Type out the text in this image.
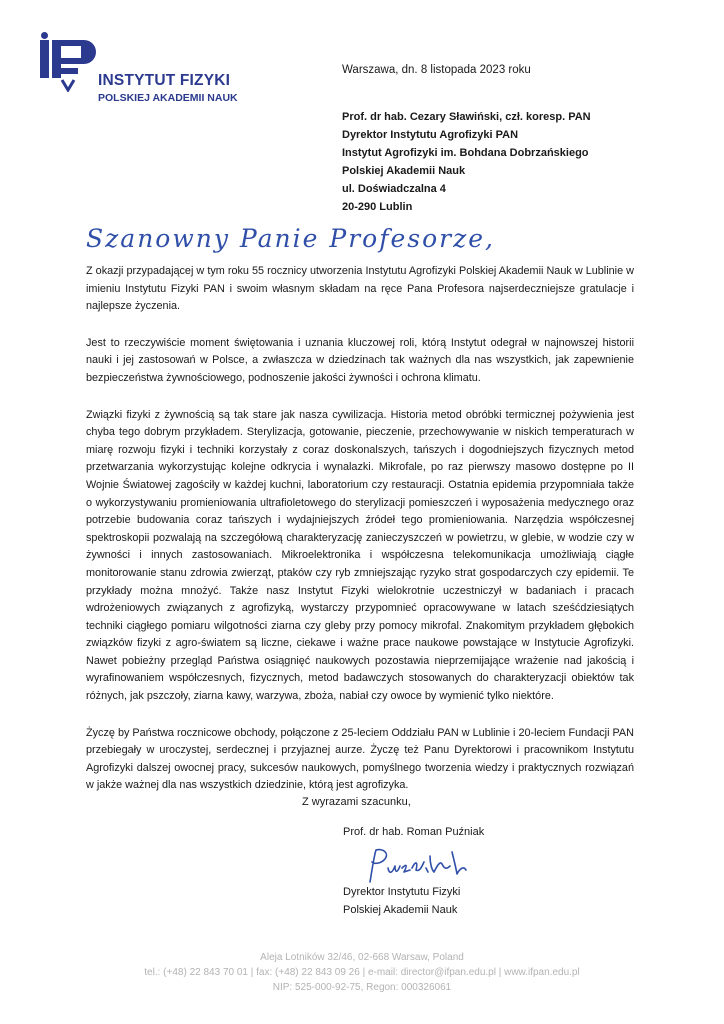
INSTYTUT FIZYKI
POLSKIEJ AKADEMII NAUK
Warszawa, dn. 8 listopada 2023 roku
Prof. dr hab. Cezary Sławiński, czł. koresp. PAN
Dyrektor Instytutu Agrofizyki PAN
Instytut Agrofizyki im. Bohdana Dobrzańskiego
Polskiej Akademii Nauk
ul. Doświadczalna 4
20-290 Lublin
Szanowny Panie Profesorze,

Z okazji przypadającej w tym roku 55 rocznicy utworzenia Instytutu Agrofizyki Polskiej Akademii Nauk w Lublinie w imieniu Instytutu Fizyki PAN i swoim własnym składam na ręce Pana Profesora najserdeczniejsze gratulacje i najlepsze życzenia.

Jest to rzeczywiście moment świętowania i uznania kluczowej roli, którą Instytut odegrał w najnowszej historii nauki i jej zastosowań w Polsce, a zwłaszcza w dziedzinach tak ważnych dla nas wszystkich, jak zapewnienie bezpieczeństwa żywnościowego, podnoszenie jakości żywności i ochrona klimatu.

Związki fizyki z żywnością są tak stare jak nasza cywilizacja. Historia metod obróbki termicznej pożywienia jest chyba tego dobrym przykładem. Sterylizacja, gotowanie, pieczenie, przechowywanie w niskich temperaturach w miarę rozwoju fizyki i techniki korzystały z coraz doskonalszych, tańszych i dogodniejszych fizycznych metod przetwarzania wykorzystując kolejne odkrycia i wynalazki. Mikrofale, po raz pierwszy masowo dostępne po II Wojnie Światowej zagościły w każdej kuchni, laboratorium czy restauracji. Ostatnia epidemia przypomniała także o wykorzystywaniu promieniowania ultrafioletowego do sterylizacji pomieszczeń i wyposażenia medycznego oraz potrzebie budowania coraz tańszych i wydajniejszych źródeł tego promieniowania. Narzędzia współczesnej spektroskopii pozwalają na szczegółową charakteryzację zanieczyszczeń w powietrzu, w glebie, w wodzie czy w żywności i innych zastosowaniach. Mikroelektronika i współczesna telekomunikacja umożliwiają ciągłe monitorowanie stanu zdrowia zwierząt, ptaków czy ryb zmniejszając ryzyko strat gospodarczych czy epidemii. Te przykłady można mnożyć. Także nasz Instytut Fizyki wielokrotnie uczestniczył w badaniach i pracach wdrożeniowych związanych z agrofizyką, wystarczy przypomnieć opracowywane w latach sześćdziesiątych techniki ciągłego pomiaru wilgotności ziarna czy gleby przy pomocy mikrofal. Znakomitym przykładem głębokich związków fizyki z agro-światem są liczne, ciekawe i ważne prace naukowe powstające w Instytucie Agrofizyki. Nawet pobieżny przegląd Państwa osiągnięć naukowych pozostawia nieprzemijające wrażenie nad jakością i wyrafinowaniem współczesnych, fizycznych, metod badawczych stosowanych do charakteryzacji obiektów tak różnych, jak pszczoły, ziarna kawy, warzywa, zboża, nabiał czy owoce by wymienić tylko niektóre.

Życzę by Państwa rocznicowe obchody, połączone z 25-leciem Oddziału PAN w Lublinie i 20-leciem Fundacji PAN przebiegały w uroczystej, serdecznej i przyjaznej aurze. Życzę też Panu Dyrektorowi i pracownikom Instytutu Agrofizyki dalszej owocnej pracy, sukcesów naukowych, pomyślnego tworzenia wiedzy i praktycznych rozwiązań w jakże ważnej dla nas wszystkich dziedzinie, którą jest agrofizyka.

Z wyrazami szacunku,
Prof. dr hab. Roman Puźniak
Dyrektor Instytutu Fizyki
Polskiej Akademii Nauk
Aleja Lotników 32/46, 02-668 Warsaw, Poland
tel.: (+48) 22 843 70 01 | fax: (+48) 22 843 09 26 | e-mail: director@ifpan.edu.pl | www.ifpan.edu.pl
NIP: 525-000-92-75, Regon: 000326061
